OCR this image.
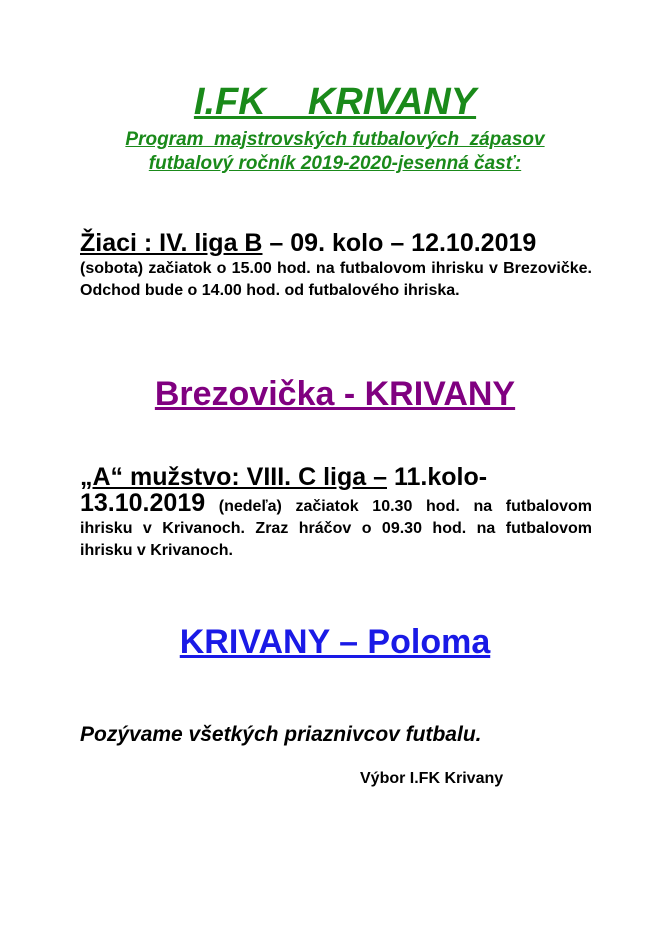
I.FK    KRIVANY
Program  majstrovských futbalových  zápasov
futbalový ročník 2019-2020-jesenná časť:
Žiaci : IV. liga B – 09. kolo – 12.10.2019
(sobota) začiatok o 15.00 hod. na futbalovom ihrisku v Brezovičke. Odchod bude o 14.00 hod. od futbalového ihriska.
Brezovička - KRIVANY
„A“ mužstvo: VIII. C liga – 11.kolo-
13.10.2019 (nedeľa) začiatok 10.30 hod. na futbalovom ihrisku v Krivanoch. Zraz hráčov o 09.30 hod. na futbalovom ihrisku v Krivanoch.
KRIVANY – Poloma
Pozývame všetkých priaznivcov futbalu.
Výbor I.FK Krivany
